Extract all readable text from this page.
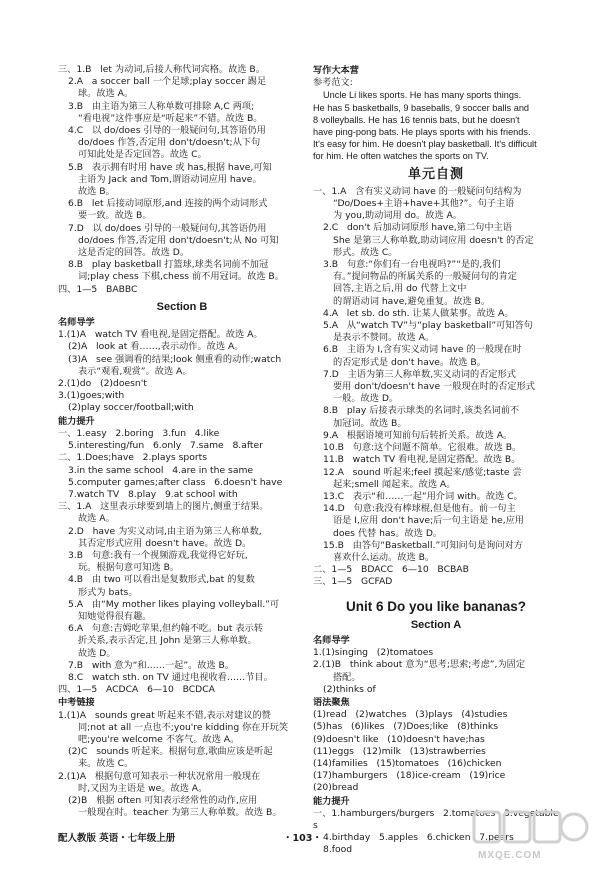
三、1.B   let 为动词,后接人称代词宾格。故选 B。
2.A   a soccer ball 一个足球;play soccer 踢足
球。故选 A。
3.B   由主语为第三人称单数可排除 A,C 两项;
“看电视”这件事应是“听起来”不错。故选 B。
4.C   以 do/does 引导的一般疑问句,其答语仍用
do/does 作答,否定用 don't/doesn't;从下句
可知此处是否定回答。故选 C。
5.B   表示拥有时用 have 或 has,根据 have,可知
主语为 Jack and Tom,谓语动词应用 have。
故选 B。
6.B   let 后接动词原形,and 连接的两个动词形式
要一致。故选 B。
7.D   以 do/does 引导的一般疑问句,其答语仍用
do/does 作答,否定用 don't/doesn't;从 No 可知
这是否定的回答。故选 D。
8.B   play basketball 打篮球,球类名词前不加冠
词;play chess 下棋,chess 前不用冠词。故选 B。
四、1—5   BABBC
Section B
名师导学
1.(1)A   watch TV 看电视,是固定搭配。故选 A。
(2)A   look at 看……,表示动作。故选 A。
(3)A   see 强调看的结果;look 侧重看的动作;watch
表示“观看,观赏”。故选 A。
2.(1)do   (2)doesn't
3.(1)goes;with
(2)play soccer/football;with
能力提升
一、1.easy   2.boring   3.fun   4.like
5.interesting/fun   6.only   7.same   8.after
二、1.Does;have   2.plays sports
3.in the same school   4.are in the same
5.computer games;after class   6.doesn't have
7.watch TV   8.play   9.at school with
三、1.A   这里表示球要到墙上的图片,侧重于结果。
故选 A。
2.D   have 为实义动词,由主语为第三人称单数,
其否定形式应用 doesn't have。故选 D。
3.B   句意:我有一个视频游戏,我觉得它好玩,
玩。根据句意可知选 B。
4.B   由 two 可以看出是复数形式,bat 的复数
形式为 bats。
5.A   由“My mother likes playing volleyball.”可
知她觉得很有趣。
6.A   句意:吉姆吃苹果,但约翰不吃。but 表示转
折关系,表示否定,且 John 是第三人称单数。
故选 D。
7.B   with 意为“和……一起”。故选 B。
8.C   watch sth. on TV 通过电视收看……节目。
四、1—5   ACDCA   6—10   BCDCA
中考链接
1.(1)A   sounds great 听起来不错,表示对建议的赞
同;not at all 一点也不;you're kidding 你在开玩笑
吧;you're welcome 不客气。故选 A。
(2)C   sounds 听起来。根据句意,歌曲应该是听起
来。故选 C。
2.(1)A   根据句意可知表示一种状况常用一般现在
时,又因为主语是 we。故选 A。
(2)B   根据 often 可知表示经常性的动作,应用
一般现在时。teacher 为第三人称单数。故选 B。
写作大本营
参考范文:
Uncle Li likes sports. He has many sports things.
He has 5 basketballs, 9 baseballs, 9 soccer balls and
8 volleyballs. He has 16 tennis bats, but he doesn't
have ping-pong bats. He plays sports with his friends.
It's easy for him. He doesn't play basketball. It's difficult
for him. He often watches the sports on TV.
单元自测
一、1.A   含有实义动词 have 的一般疑问句结构为
“Do/Does+主语+have+其他?”。句子主语
为 you,助动词用 do。故选 A。
2.C   don't 后加动词原形 have,第二句中主语
She 是第三人称单数,助动词应用 doesn't 的否定
形式。故选 C。
3.B   句意:“你们有一台电视吗?”“是的,我们
有。”提问物品的所属关系的一般疑问句的肯定
回答,主语之后,用 do 代替上文中
的谓语动词 have,避免重复。故选 B。
4.A   let sb. do sth. 让某人做某事。故选 A。
5.A   从“watch TV”与“play basketball”可知答句
是表示不赞同。故选 A。
6.B   主语为 I,含有实义动词 have 的一般现在时
的否定形式是 don't have。故选 B。
7.D   主语为第三人称单数,实义动词的否定形式
要用 don't/doesn't have 一般现在时的否定形式
一般。故选 D。
8.B   play 后接表示球类的名词时,该类名词前不
加冠词。故选 B。
9.A   根据语境可知前句后转折关系。故选 A。
10.B   句意:这个问题不简单。它很难。故选 B。
11.B   watch TV 看电视,是固定搭配。故选 B。
12.A   sound 听起来;feel 摸起来/感觉;taste 尝
起来;smell 闻起来。故选 A。
13.C   表示“和……一起”用介词 with。故选 C。
14.D   句意:我没有棒球棍,但是他有。前一句主
语是 I,应用 don't have;后一句主语是 he,应用
does 代替 has。故选 D。
15.B   由答句“Basketball.”可知问句是询问对方
喜欢什么运动。故选 B。
二、1—5   BDACC   6—10   BCBAB
三、1—5   GCFAD
Unit 6 Do you like bananas?
Section A
名师导学
1.(1)singing   (2)tomatoes
2.(1)B   think about 意为“思考;思索;考虑”,为固定
搭配。
(2)thinks of
语法聚焦
(1)read   (2)watches   (3)plays   (4)studies
(5)has   (6)likes   (7)Does;like   (8)thinks
(9)doesn't like   (10)doesn't have;has
(11)eggs   (12)milk   (13)strawberries
(14)families   (15)tomatoes   (16)chicken
(17)hamburgers   (18)ice-cream   (19)rice
(20)bread
能力提升
一、1.hamburgers/burgers   2.tomatoes   3.vegetables
4.birthday   5.apples   6.chicken   7.pears
8.food
配人教版 英语・七年级上册	・103・
MXQE.COM
